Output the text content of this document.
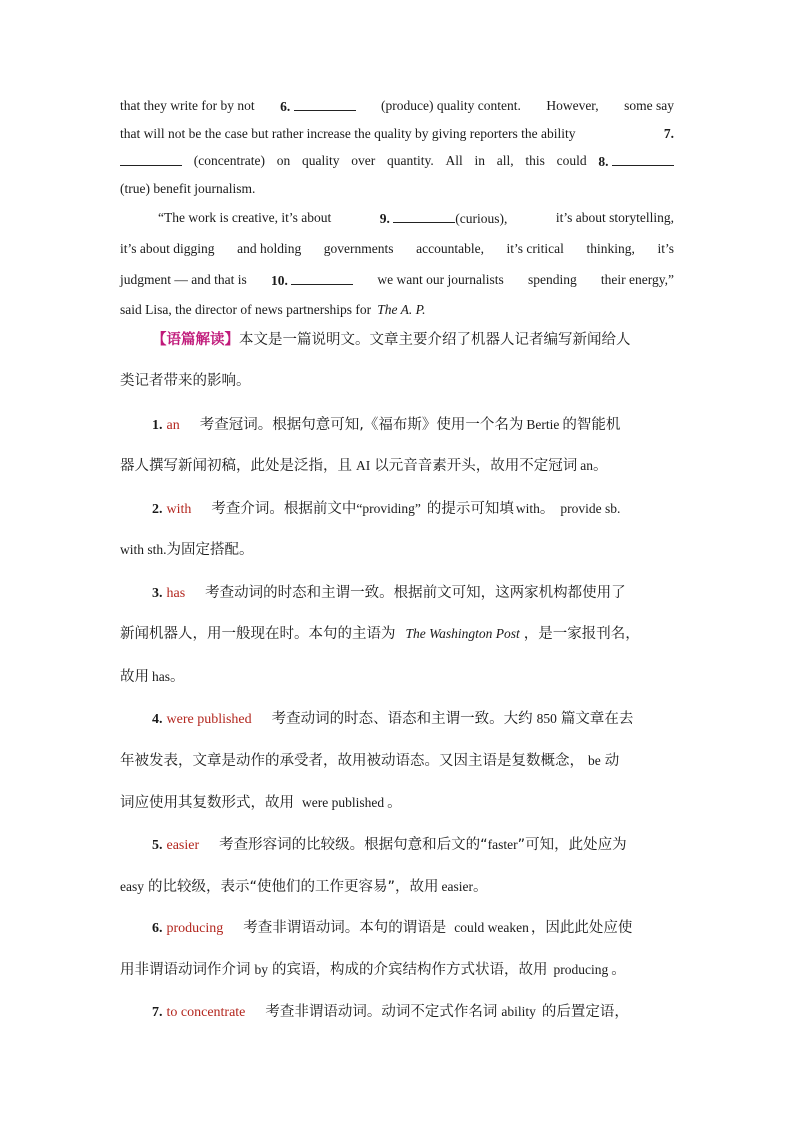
that they write for by not 6.	(produce) quality content. However, some say
that will not be the case but rather increase the quality by giving reporters the ability	7.
(concentrate) on quality over quantity. All in all, this could 8.
(true) benefit journalism.
“The work is creative, it’s about	9.	(curious),	it’s about storytelling,
it’s about digging and holding governments accountable, it’s critical thinking, it’s
judgment — and that is 10.	we want our journalists spending their energy,”
said Lisa, the director of news partnerships for The A. P.
【语篇解读】本文是一篇说明文。文章主要介绍了机器人记者编写新闻给人
类记者带来的影响。
1. an 考查冠词。根据句意可知,《福布斯》使用一个名为 Bertie 的智能机
器人撰写新闻初稿，此处是泛指，且 AI 以元音音素开头，故用不定冠词 an。
2. with 考查介词。根据前文中“providing” 的提示可知填 with。 provide sb.
with sth.为固定搭配。
3. has 考查动词的时态和主谓一致。根据前文可知，这两家机构都使用了
新闻机器人，用一般现在时。本句的主语为 The Washington Post ，是一家报刊名，
故用 has。
4. were published 考查动词的时态、语态和主谓一致。大约 850 篇文章在去
年被发表，文章是动作的承受者，故用被动语态。又因主语是复数概念， be 动
词应使用其复数形式，故用 were published 。
5. easier 考查形容词的比较级。根据句意和后文的“faster”可知，此处应为
easy 的比较级，表示“使他们的工作更容易”，故用 easier。
6. producing 考查非谓语动词。本句的谓语是 could weaken ，因此此处应使
用非谓语动词作介词 by 的宾语，构成的介宾结构作方式状语，故用 producing 。
7. to concentrate 考查非谓语动词。动词不定式作名词 ability 的后置定语，
